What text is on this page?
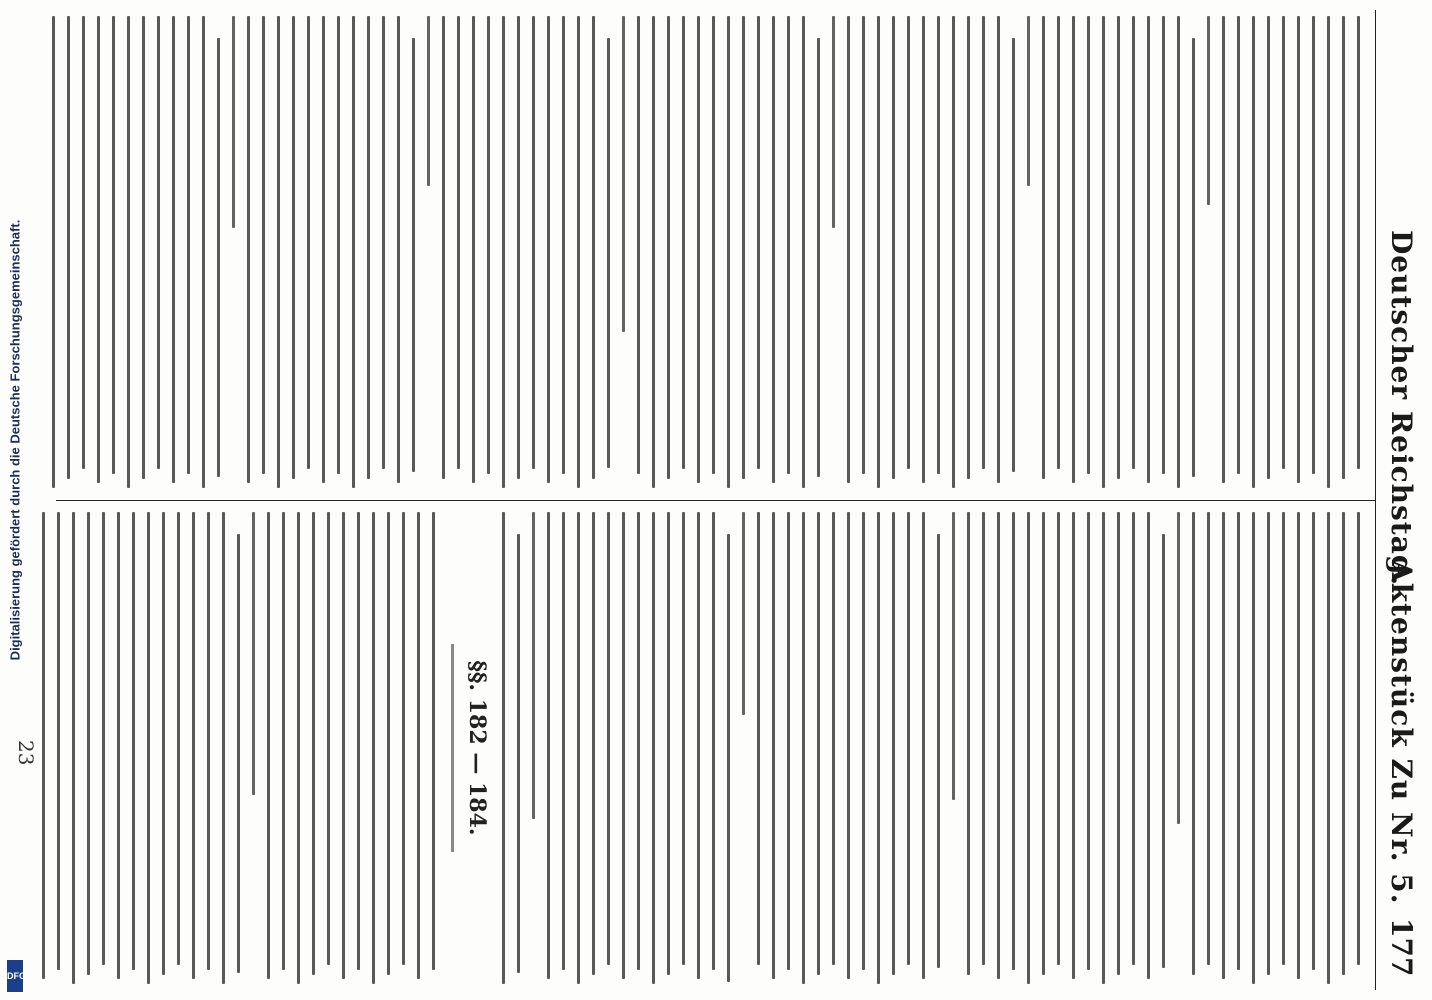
Deutscher Reichstag.
Aktenstück Zu Nr. 5.
177
§§. 182 — 184.
23
Digitalisierung gefördert durch die Deutsche Forschungsgemeinschaft.
DFG
